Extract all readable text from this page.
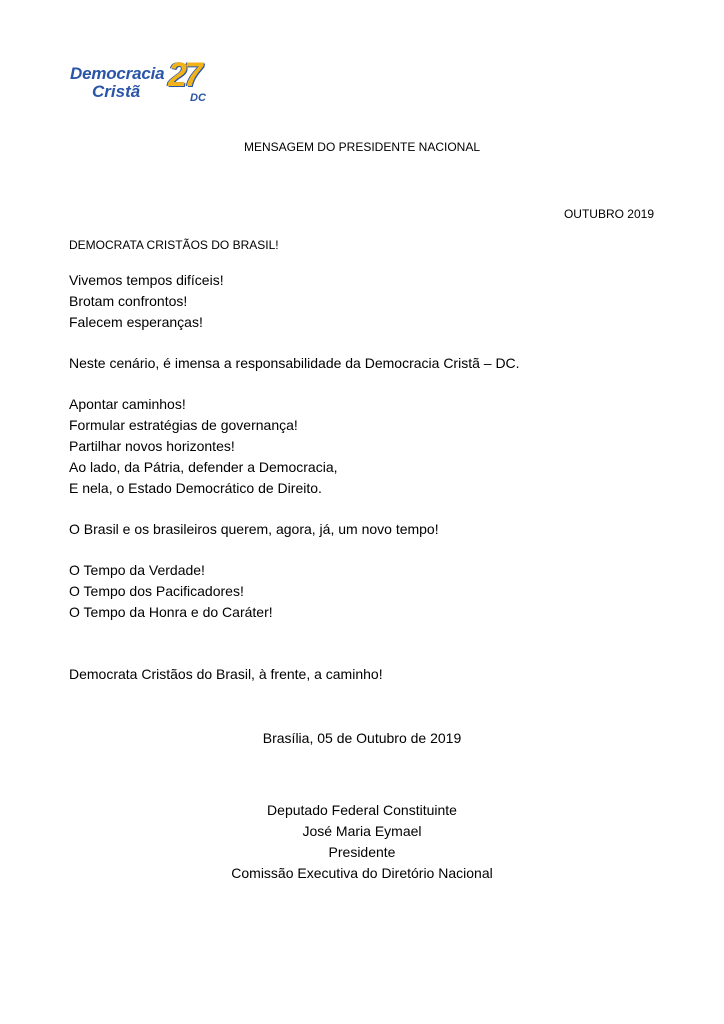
Democracia
Cristã 27
DC
MENSAGEM DO PRESIDENTE NACIONAL
OUTUBRO 2019
DEMOCRATA CRISTÃOS DO BRASIL!
Vivemos tempos difíceis!
Brotam confrontos!
Falecem esperanças!
Neste cenário, é imensa a responsabilidade da Democracia Cristã – DC.
Apontar caminhos!
Formular estratégias de governança!
Partilhar novos horizontes!
Ao lado, da Pátria, defender a Democracia,
E nela, o Estado Democrático de Direito.
O Brasil e os brasileiros querem, agora, já, um novo tempo!
O Tempo da Verdade!
O Tempo dos Pacificadores!
O Tempo da Honra e do Caráter!
Democrata Cristãos do Brasil, à frente, a caminho!
Brasília, 05 de Outubro de 2019
Deputado Federal Constituinte
José Maria Eymael
Presidente
Comissão Executiva do Diretório Nacional
